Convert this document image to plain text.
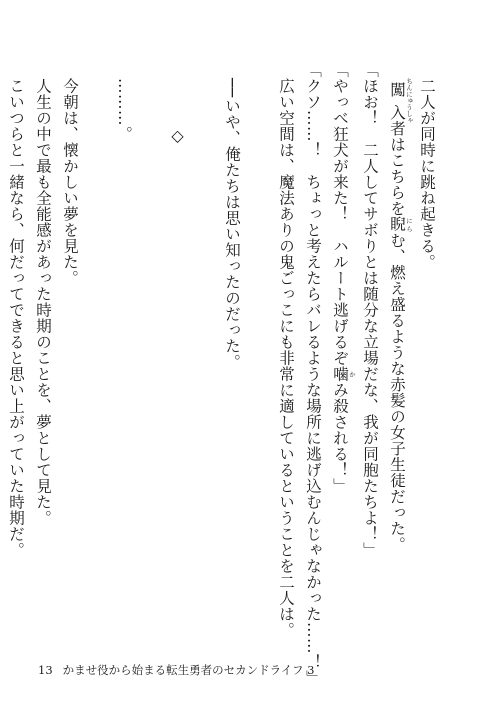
二人が同時に跳ね起きる。
闖入 ちんにゅうしゃ者はこちらを睨 にらむ、燃え盛るような赤髪の女子生徒だった。
「ほお！　二人してサボりとは随分な立場だな、我が同胞たちよ！」
「やっべ狂犬が来た！　ハルート逃げるぞ噛 かみ殺される！」
「クソ……！　ちょっと考えたらバレるような場所に逃げ込むんじゃなかった……！」
広い空間は、魔法ありの鬼ごっこにも非常に適しているということを二人は。
──いや、俺たちは思い知ったのだった。
◇
………。
今朝は、懐かしい夢を見た。
人生の中で最も全能感があった時期のことを、夢として見た。
こいつらと一緒なら、何だってできると思い上がっていた時期だ。
13 かませ役から始まる転生勇者のセカンドライフ 3
